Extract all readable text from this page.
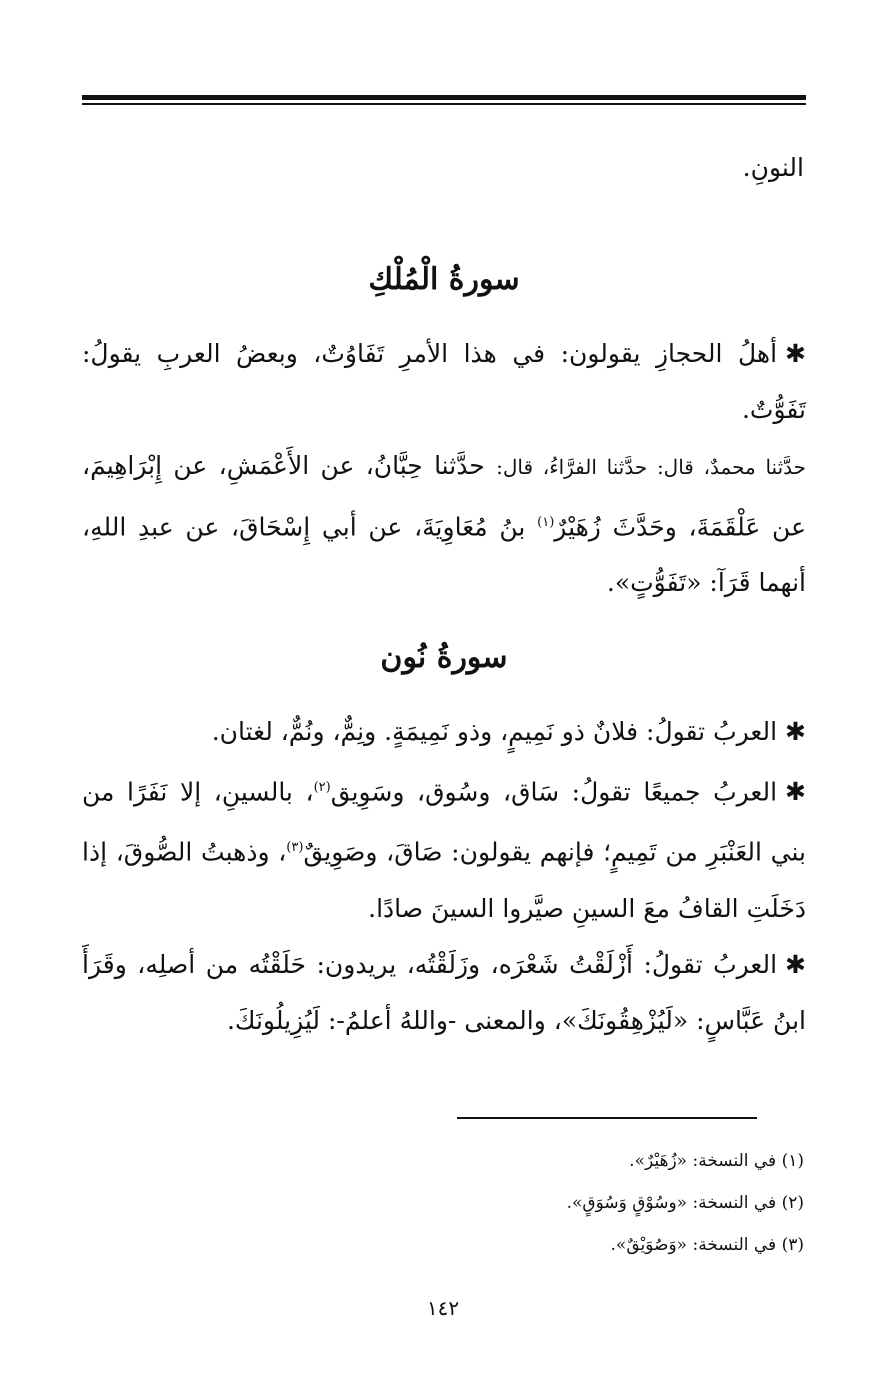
النونِ.
سورةُ الْمُلْكِ

✱أهلُ الحجازِ يقولون: في هذا الأمرِ تَفَاوُتٌ، وبعضُ العربِ يقولُ: تَفَوُّتٌ.

حدَّثنا محمدٌ، قال: حدَّثنا الفرَّاءُ، قال: حدَّثنا حِبَّانُ، عن الأَعْمَشِ، عن إِبْرَاهِيمَ، عن عَلْقَمَةَ، وحَدَّثَ زُهَيْرٌ$^{(١)}$ بنُ مُعَاوِيَةَ، عن أبي إِسْحَاقَ، عن عبدِ اللهِ، أنهما قَرَآ: «تَفَوُّتٍ».

سورةُ نُون

✱العربُ تقولُ: فلانٌ ذو نَمِيمٍ، وذو نَمِيمَةٍ. ونِمٌّ، ونُمٌّ، لغتان.

✱العربُ جميعًا تقولُ: سَاق، وسُوق، وسَوِيق$^{(٢)}$، بالسينِ، إلا نَفَرًا من بني العَنْبَرِ من تَمِيمٍ؛ فإنهم يقولون: صَاقَ، وصَوِيقٌ$^{(٣)}$، وذهبتُ الصُّوقَ، إذا دَخَلَتِ القافُ معَ السينِ صيَّروا السينَ صادًا.

✱العربُ تقولُ: أَزْلَقْتُ شَعْرَه، وزَلَقْتُه، يريدون: حَلَقْتُه من أصلِه، وقَرَأَ ابنُ عَبَّاسٍ: «لَيُزْهِقُونَكَ»، والمعنى -واللهُ أعلمُ-: لَيُزِيلُونَكَ.

(١) في النسخة: «زُهَيْرٌ».

(٢) في النسخة: «وسُوْقٍ وَسُوَقٍ».

(٣) في النسخة: «وَصُوَيْقٌ».

١٤٢
